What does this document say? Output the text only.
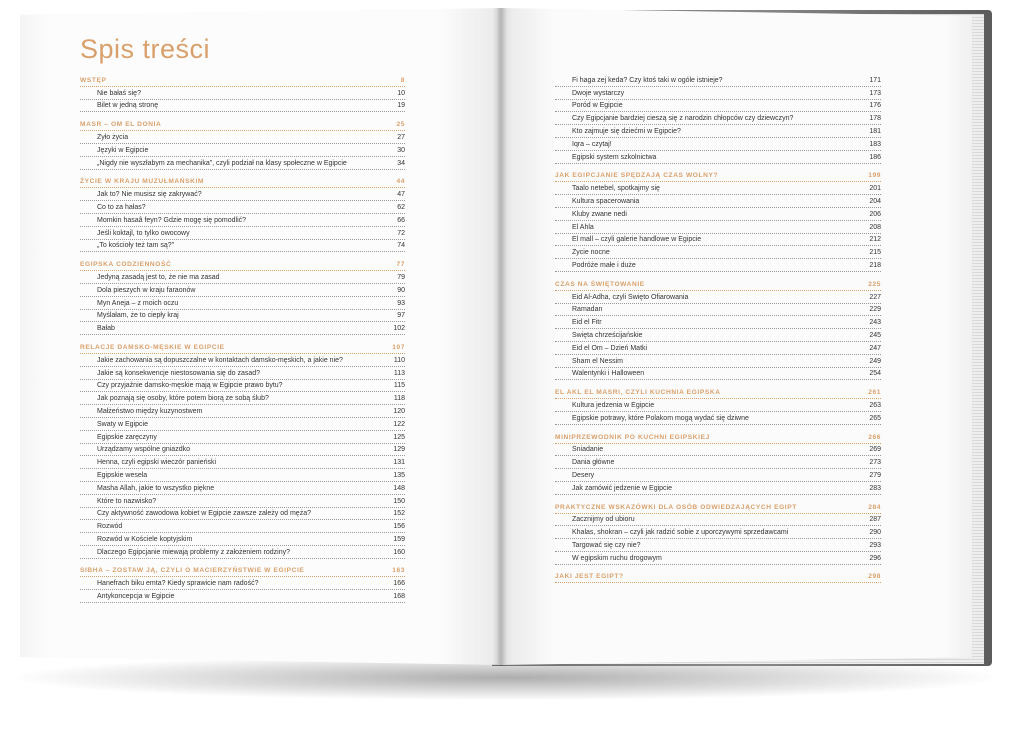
Spis treści
WSTĘP	8
Nie bałaś się?	10
Bilet w jedną stronę	19
MASR – OM EL DONIA	25
Żyło życia	27
Języki w Egipcie	30
„Nigdy nie wyszłabym za mechanika”, czyli podział na klasy społeczne w Egipcie	34
ŻYCIE W KRAJU MUZUŁMAŃSKIM	44
Jak to? Nie musisz się zakrywać?	47
Co to za hałas?	62
Momkin hasaâ feyn? Gdzie mogę się pomodlić?	66
Jeśli koktajl, to tylko owocowy	72
„To kościoły też tam są?”	74
EGIPSKA CODZIENNOŚĆ	77
Jedyną zasadą jest to, że nie ma zasad	79
Dola pieszych w kraju faraonów	90
Myn Aneja – z moich oczu	93
Myślałam, że to ciepły kraj	97
Bałab	102
RELACJE DAMSKO-MĘSKIE W EGIPCIE	107
Jakie zachowania są dopuszczalne w kontaktach damsko-męskich, a jakie nie?	110
Jakie są konsekwencje niestosowania się do zasad?	113
Czy przyjaźnie damsko-męskie mają w Egipcie prawo bytu?	115
Jak poznają się osoby, które potem biorą ze sobą ślub?	118
Małżeństwo między kuzynostwem	120
Swaty w Egipcie	122
Egipskie zaręczyny	125
Urządzamy wspólne gniazdko	129
Henna, czyli egipski wieczór panieński	131
Egipskie wesela	135
Masha Allah, jakie to wszystko piękne	148
Które to nazwisko?	150
Czy aktywność zawodowa kobiet w Egipcie zawsze zależy od męża?	152
Rozwód	156
Rozwód w Kościele koptyjskim	159
Dlaczego Egipcjanie miewają problemy z założeniem rodziny?	160
SIBHA – ZOSTAW JĄ, CZYLI O MACIERZYŃSTWIE W EGIPCIE	163
Hanefrach biku emta? Kiedy sprawicie nam radość?	166
Antykoncepcja w Egipcie	168
Fi haga zej keda? Czy ktoś taki w ogóle istnieje?	171
Dwoje wystarczy	173
Poród w Egipcie	176
Czy Egipcjanie bardziej cieszą się z narodzin chłopców czy dziewczyn?	178
Kto zajmuje się dziećmi w Egipcie?	181
Iqra – czytaj!	183
Egipski system szkolnictwa	186
JAK EGIPCJANIE SPĘDZAJĄ CZAS WOLNY?	199
Taalo netebel, spotkajmy się	201
Kultura spacerowania	204
Kluby zwane nedi	206
El Ahla	208
El mall – czyli galerie handlowe w Egipcie	212
Życie nocne	215
Podróże małe i duże	218
CZAS NA ŚWIĘTOWANIE	225
Eid Al-Adha, czyli Święto Ofiarowania	227
Ramadan	229
Eid el Fitr	243
Święta chrześcijańskie	245
Eid el Om – Dzień Matki	247
Sham el Nessim	249
Walentynki i Halloween	254
EL AKL EL MASRI, CZYLI KUCHNIA EGIPSKA	261
Kultura jedzenia w Egipcie	263
Egipskie potrawy, które Polakom mogą wydać się dziwne	265
MINIPRZEWODNIK PO KUCHNI EGIPSKIEJ	266
Śniadanie	269
Dania główne	273
Desery	279
Jak zamówić jedzenie w Egipcie	283
PRAKTYCZNE WSKAZÓWKI DLA OSÓB ODWIEDZAJĄCYCH EGIPT	284
Zacznijmy od ubioru	287
Khalas, shokran – czyli jak radzić sobie z uporczywymi sprzedawcami	290
Targować się czy nie?	293
W egipskim ruchu drogowym	296
JAKI JEST EGIPT?	298
